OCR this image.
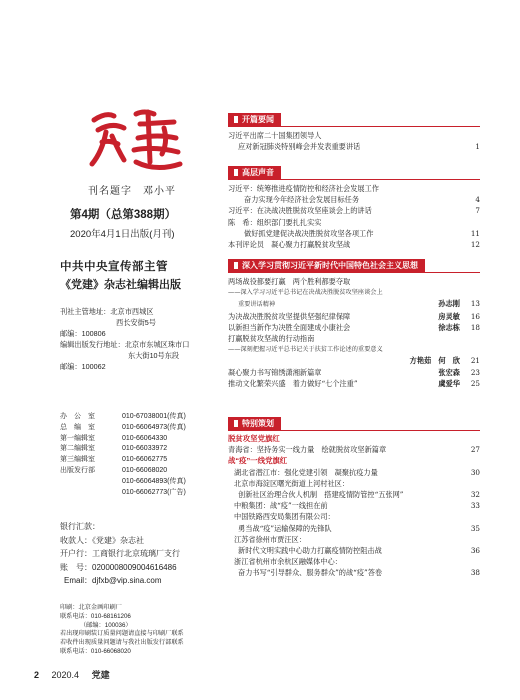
刊名题字　邓小平
第4期（总第388期）
2020年4月1日出版(月刊)
中共中央宣传部主管
《党建》杂志社编辑出版
刊社主管地址：北京市西城区
西长安街5号
邮编：100806
编辑出版发行地址：北京市东城区珠市口
东大街10号东段
邮编：100062
办　公　室	010-67038001(传真)
总　编　室	010-66064973(传真)
第一编辑室	010-66064330
第二编辑室	010-66033972
第三编辑室	010-66062775
出版发行部	010-66068020
010-66064893(传真)
010-66062773(广告)
银行汇款：
收款人：《党建》杂志社
开户行：工商银行北京琉璃厂支行
账　号：0200008009004616486
Email：djfxb@vip.sina.com
印刷：北京金画印刷厂
联系电话：010-68161206
（邮编：100036）
若出现印刷装订质量问题请直接与印刷厂联系
若收件出现质量问题请与我社出版发行部联系
联系电话：010-66068020
开篇要闻
习近平出席二十国集团领导人
应对新冠肺炎特别峰会并发表重要讲话	1
高层声音
习近平：统筹推进疫情防控和经济社会发展工作
奋力实现今年经济社会发展目标任务	4
习近平：在决战决胜脱贫攻坚座谈会上的讲话	7
陈　希：组织部门要扎扎实实
做好抓党建促决战决胜脱贫攻坚各项工作	11
本刊评论员　凝心聚力打赢脱贫攻坚战	12
深入学习贯彻习近平新时代中国特色社会主义思想
两场战役都要打赢　两个胜利都要夺取
——深入学习习近平总书记在决战决胜脱贫攻坚座谈会上
重要讲话精神	孙志刚	13
为决战决胜脱贫攻坚提供坚强纪律保障	房灵敏	16
以新担当新作为决胜全面建成小康社会	徐志栋	18
打赢脱贫攻坚战的行动指南
——深刻把握习近平总书记关于扶贫工作论述的重要意义
方艳茹　何　欣	21
凝心聚力书写锦绣潇湘新篇章	张宏森	23
推动文化繁荣兴盛　着力做好“七个注重”	虞爱华	25
特别策划
脱贫攻坚党旗红
青海省：坚持务实一线力量　绘就脱贫攻坚新篇章	27
战“疫”一线党旗红
湖北省潜江市：强化党建引领　凝聚抗疫力量	30
北京市海淀区曙光街道上河村社区：
创新社区治理合伙人机制　搭建疫情防管控“五张网”	32
中粮集团：战“疫”一线担在前	33
中国铁路西安局集团有限公司：
勇当战“疫”运输保障的先锋队	35
江苏省徐州市贾汪区：
新时代文明实践中心助力打赢疫情防控阻击战	36
浙江省杭州市余杭区融媒体中心：
奋力书写“引导群众、服务群众”的战“疫”答卷	38
2 2020.4 党建
